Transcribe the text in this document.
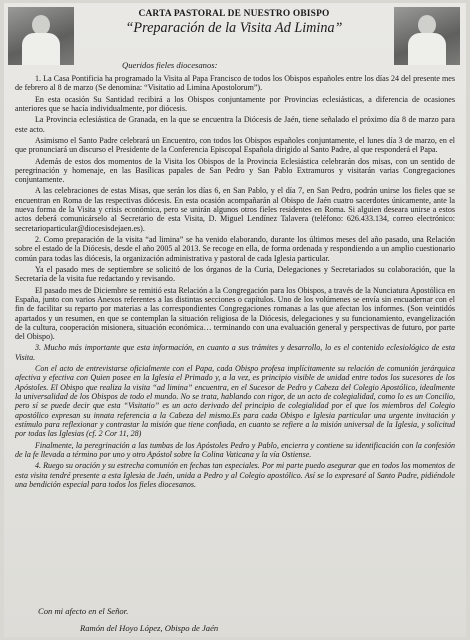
CARTA PASTORAL DE NUESTRO OBISPO
“Preparación de la Visita Ad Limina”
Queridos fieles diocesanos:

1. La Casa Pontificia ha programado la Visita al Papa Francisco de todos los Obispos españoles entre los días 24 del presente mes de febrero al 8 de marzo (Se denomina: “Visitatio ad Limina Apostolorum”).

En esta ocasión Su Santidad recibirá a los Obispos conjuntamente por Provincias eclesiásticas, a diferencia de ocasiones anteriores que se hacía individualmente, por diócesis.

La Provincia eclesiástica de Granada, en la que se encuentra la Diócesis de Jaén, tiene señalado el próximo día 8 de marzo para este acto.

Asimismo el Santo Padre celebrará un Encuentro, con todos los Obispos españoles conjuntamente, el lunes día 3 de marzo, en el que pronunciará un discurso el Presidente de la Conferencia Episcopal Española dirigido al Santo Padre, al que responderá el Papa.

Además de estos dos momentos de la Visita los Obispos de la Provincia Eclesiástica celebrarán dos misas, con un sentido de peregrinación y homenaje, en las Basílicas papales de San Pedro y San Pablo Extramuros y visitarán varias Congregaciones conjuntamente.

A las celebraciones de estas Misas, que serán los días 6, en San Pablo, y el día 7, en San Pedro, podrán unirse los fieles que se encuentran en Roma de las respectivas diócesis. En esta ocasión acompañarán al Obispo de Jaén cuatro sacerdotes únicamente, ante la nueva forma de la Visita y crisis económica, pero se unirán algunos otros fieles residentes en Roma. Si alguien deseara unirse a estos actos deberá comunicárselo al Secretario de esta Visita, D. Miguel Lendínez Talavera (teléfono: 626.433.134, correo electrónico: secretarioparticular@diocesisdejaen.es).

2. Como preparación de la visita “ad limina” se ha venido elaborando, durante los últimos meses del año pasado, una Relación sobre el estado de la Diócesis, desde el año 2005 al 2013. Se recoge en ella, de forma ordenada y respondiendo a un amplio cuestionario común para todas las diócesis, la organización administrativa y pastoral de cada Iglesia particular.

Ya el pasado mes de septiembre se solicitó de los órganos de la Curia, Delegaciones y Secretariados su colaboración, que la Secretaría de la visita fue redactando y revisando.

El pasado mes de Diciembre se remitió esta Relación a la Congregación para los Obispos, a través de la Nunciatura Apostólica en España, junto con varios Anexos referentes a las distintas secciones o capítulos. Uno de los volúmenes se envía sin encuadernar con el fin de facilitar su reparto por materias a las correspondientes Congregaciones romanas a las que afectan los informes. (Son veintidós apartados y un resumen, en que se contemplan la situación religiosa de la Diócesis, delegaciones y su funcionamiento, evangelización de la cultura, cooperación misionera, situación económica… terminando con una evaluación general y perspectivas de futuro, por parte del Obispo).

3. Mucho más importante que esta información, en cuanto a sus trámites y desarrollo, lo es el contenido eclesiológico de esta Visita.

Con el acto de entrevistarse oficialmente con el Papa, cada Obispo profesa implícitamente su relación de comunión jerárquica afectiva y efectiva con Quien posee en la Iglesia el Primado y, a la vez, es principio visible de unidad entre todos los sucesores de los Apóstoles. El Obispo que realiza la visita “ad limina” encuentra, en el Sucesor de Pedro y Cabeza del Colegio Apostólico, idealmente la universalidad de los Obispos de todo el mundo. No se trata, hablando con rigor, de un acto de colegialidad, como lo es un Concilio, pero sí se puede decir que esta “Visitatio” es un acto derivado del principio de colegialidad por el que los miembros del Colegio apostólico expresan su innata referencia a la Cabeza del mismo.Es para cada Obispo e Iglesia particular una urgente invitación y estímulo para reflexionar y contrastar la misión que tiene confiada, en cuanto se refiere a la misión universal de la Iglesia, y solicitud por todas las Iglesias (cf. 2 Cor 11, 28)

Finalmente, la peregrinación a las tumbas de los Apóstoles Pedro y Pablo, encierra y contiene su identificación con la confesión de la fe llevada a término por uno y otro Apóstol sobre la Colina Vaticana y la vía Ostiense.

4. Ruego su oración y su estrecha comunión en fechas tan especiales. Por mi parte puedo asegurar que en todos los momentos de esta visita tendré presente a esta Iglesia de Jaén, unida a Pedro y al Colegio apostólico. Así se lo expresaré al Santo Padre, pidiéndole una bendición especial para todos los fieles diocesanos.

Con mi afecto en el Señor.
Ramón del Hoyo López, Obispo de Jaén
